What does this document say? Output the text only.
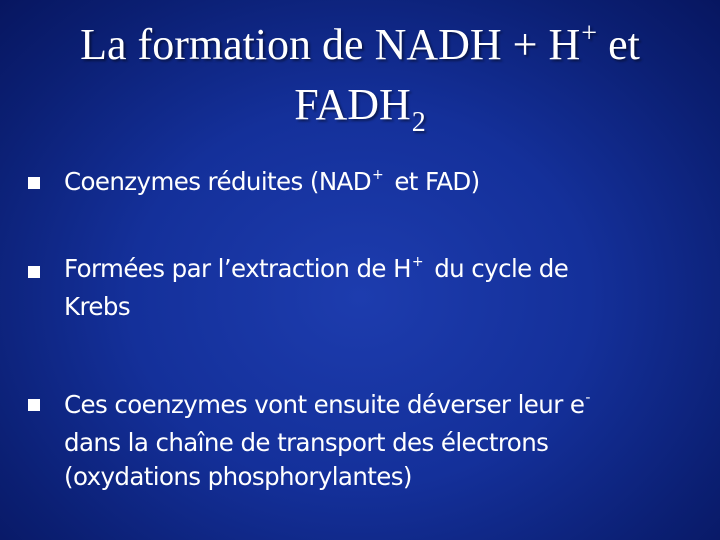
La formation de NADH + H+ et
$FADH_2$
Coenzymes réduites (NAD+ et FAD)
Formées par l’extraction de H+ du cycle de
Krebs
Ces coenzymes vont ensuite déverser leur e-
dans la chaîne de transport des électrons
(oxydations phosphorylantes)
